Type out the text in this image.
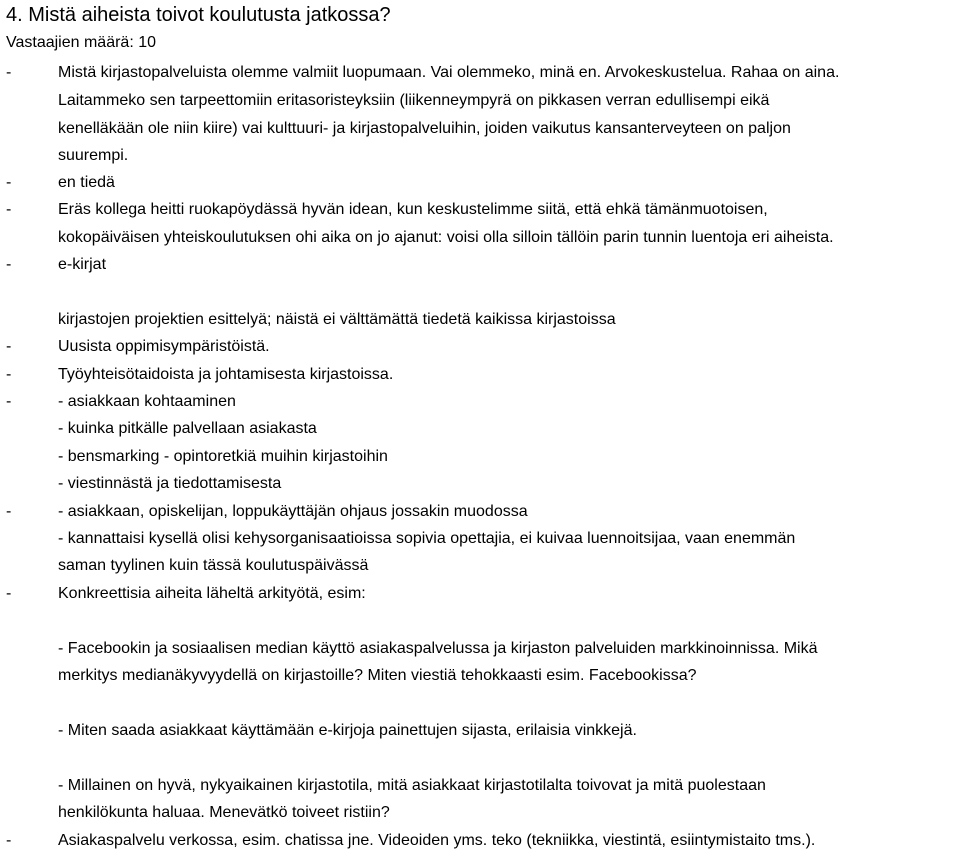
4. Mistä aiheista toivot koulutusta jatkossa?
Vastaajien määrä: 10
-	Mistä kirjastopalveluista olemme valmiit luopumaan. Vai olemmeko, minä en. Arvokeskustelua. Rahaa on aina.
Laitammeko sen tarpeettomiin eritasoristeyksiin (liikenneympyrä on pikkasen verran edullisempi eikä
kenelläkään ole niin kiire) vai kulttuuri- ja kirjastopalveluihin, joiden vaikutus kansanterveyteen on paljon
suurempi.
-	en tiedä
-	Eräs kollega heitti ruokapöydässä hyvän idean, kun keskustelimme siitä, että ehkä tämänmuotoisen,
kokopäiväisen yhteiskoulutuksen ohi aika on jo ajanut: voisi olla silloin tällöin parin tunnin luentoja eri aiheista.
-	e-kirjat
kirjastojen projektien esittelyä; näistä ei välttämättä tiedetä kaikissa kirjastoissa
-	Uusista oppimisympäristöistä.
-	Työyhteisötaidoista ja johtamisesta kirjastoissa.
-	- asiakkaan kohtaaminen
- kuinka pitkälle palvellaan asiakasta
- bensmarking - opintoretkiä muihin kirjastoihin
- viestinnästä ja tiedottamisesta
-	- asiakkaan, opiskelijan, loppukäyttäjän ohjaus jossakin muodossa
- kannattaisi kysellä olisi kehysorganisaatioissa sopivia opettajia, ei kuivaa luennoitsijaa, vaan enemmän
saman tyylinen kuin tässä koulutuspäivässä
-	Konkreettisia aiheita läheltä arkityötä, esim:
- Facebookin ja sosiaalisen median käyttö asiakaspalvelussa ja kirjaston palveluiden markkinoinnissa. Mikä
merkitys medianäkyvyydellä on kirjastoille? Miten viestiä tehokkaasti esim. Facebookissa?
- Miten saada asiakkaat käyttämään e-kirjoja painettujen sijasta, erilaisia vinkkejä.
- Millainen on hyvä, nykyaikainen kirjastotila, mitä asiakkaat kirjastotilalta toivovat ja mitä puolestaan
henkilökunta haluaa. Menevätkö toiveet ristiin?
-	Asiakaspalvelu verkossa, esim. chatissa jne. Videoiden yms. teko (tekniikka, viestintä, esiintymistaito tms.).
